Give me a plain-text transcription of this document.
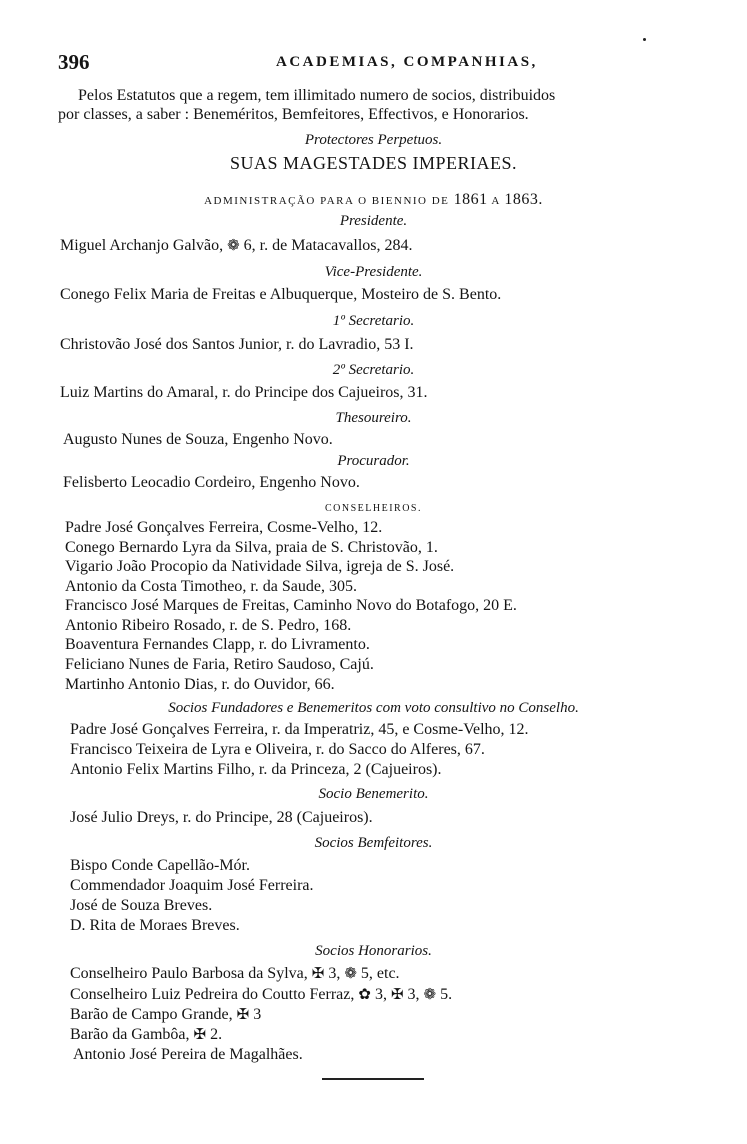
396	ACADEMIAS, COMPANHIAS,
Pelos Estatutos que a regem, tem illimitado numero de socios, distribuidos
por classes, a saber : Beneméritos, Bemfeitores, Effectivos, e Honorarios.
Protectores Perpetuos.
SUAS MAGESTADES IMPERIAES.
ADMINISTRAÇÃO PARA O BIENNIO DE 1861 A 1863.
Presidente.
Miguel Archanjo Galvão, ❁ 6, r. de Matacavallos, 284.
Vice-Presidente.
Conego Felix Maria de Freitas e Albuquerque, Mosteiro de S. Bento.
1º Secretario.
Christovão José dos Santos Junior, r. do Lavradio, 53 I.
2º Secretario.
Luiz Martins do Amaral, r. do Principe dos Cajueiros, 31.
Thesoureiro.
Augusto Nunes de Souza, Engenho Novo.
Procurador.
Felisberto Leocadio Cordeiro, Engenho Novo.
CONSELHEIROS.
Padre José Gonçalves Ferreira, Cosme-Velho, 12.
Conego Bernardo Lyra da Silva, praia de S. Christovão, 1.
Vigario João Procopio da Natividade Silva, igreja de S. José.
Antonio da Costa Timotheo, r. da Saude, 305.
Francisco José Marques de Freitas, Caminho Novo do Botafogo, 20 E.
Antonio Ribeiro Rosado, r. de S. Pedro, 168.
Boaventura Fernandes Clapp, r. do Livramento.
Feliciano Nunes de Faria, Retiro Saudoso, Cajú.
Martinho Antonio Dias, r. do Ouvidor, 66.
Socios Fundadores e Benemeritos com voto consultivo no Conselho.
Padre José Gonçalves Ferreira, r. da Imperatriz, 45, e Cosme-Velho, 12.
Francisco Teixeira de Lyra e Oliveira, r. do Sacco do Alferes, 67.
Antonio Felix Martins Filho, r. da Princeza, 2 (Cajueiros).
Socio Benemerito.
José Julio Dreys, r. do Principe, 28 (Cajueiros).
Socios Bemfeitores.
Bispo Conde Capellão-Mór.
Commendador Joaquim José Ferreira.
José de Souza Breves.
D. Rita de Moraes Breves.
Socios Honorarios.
Conselheiro Paulo Barbosa da Sylva, ✠ 3, ❁ 5, etc.
Conselheiro Luiz Pedreira do Coutto Ferraz, ✿ 3, ✠ 3, ❁ 5.
Barão de Campo Grande, ✠ 3
Barão da Gambôa, ✠ 2.
Antonio José Pereira de Magalhães.
